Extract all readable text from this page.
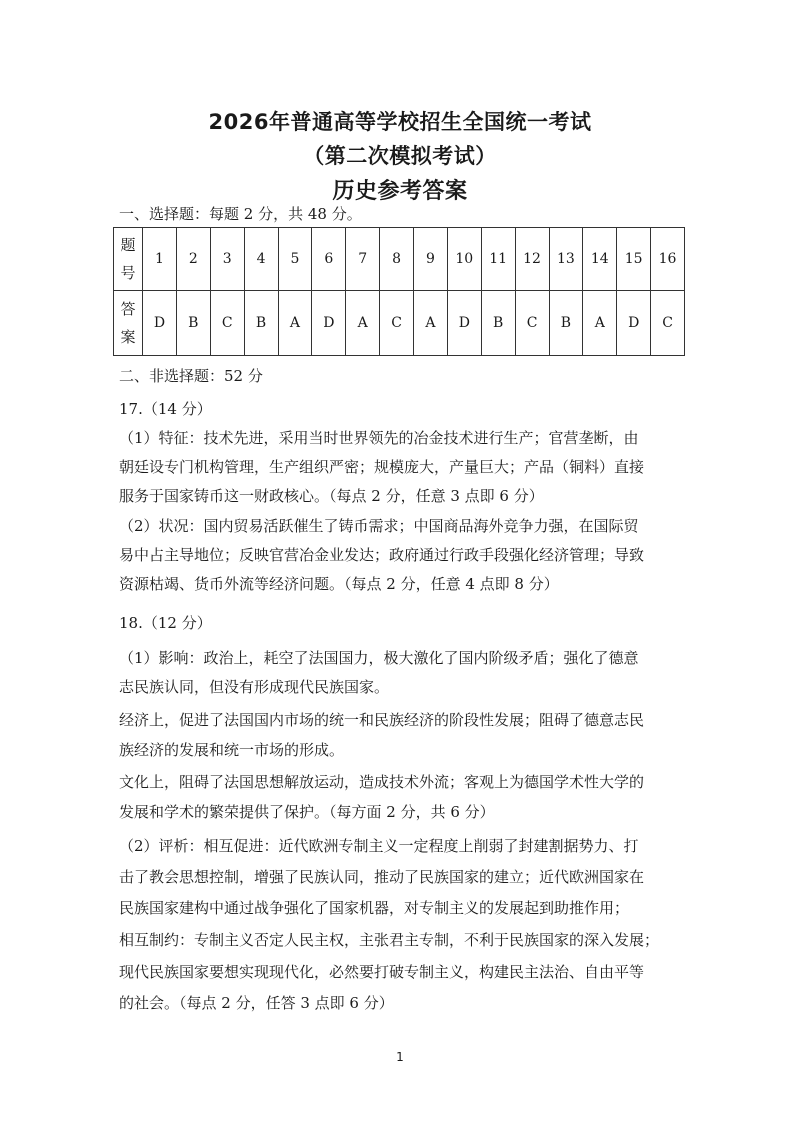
2026年普通高等学校招生全国统一考试
（第二次模拟考试）
历史参考答案
一、选择题：每题 2 分，共 48 分。
题号	1	2	3	4	5	6	7	8	9	10	11	12	13	14	15	16
答案	D	B	C	B	A	D	A	C	A	D	B	C	B	A	D	C
二、非选择题：52 分
17.（14 分）
（1）特征：技术先进，采用当时世界领先的冶金技术进行生产；官营垄断，由
朝廷设专门机构管理，生产组织严密；规模庞大，产量巨大；产品（铜料）直接
服务于国家铸币这一财政核心。（每点 2 分，任意 3 点即 6 分）
（2）状况：国内贸易活跃催生了铸币需求；中国商品海外竞争力强，在国际贸
易中占主导地位；反映官营冶金业发达；政府通过行政手段强化经济管理；导致
资源枯竭、货币外流等经济问题。（每点 2 分，任意 4 点即 8 分）
18.（12 分）
（1）影响：政治上，耗空了法国国力，极大激化了国内阶级矛盾；强化了德意
志民族认同，但没有形成现代民族国家。
经济上，促进了法国国内市场的统一和民族经济的阶段性发展；阻碍了德意志民
族经济的发展和统一市场的形成。
文化上，阻碍了法国思想解放运动，造成技术外流；客观上为德国学术性大学的
发展和学术的繁荣提供了保护。（每方面 2 分，共 6 分）
（2）评析：相互促进：近代欧洲专制主义一定程度上削弱了封建割据势力、打
击了教会思想控制，增强了民族认同，推动了民族国家的建立；近代欧洲国家在
民族国家建构中通过战争强化了国家机器，对专制主义的发展起到助推作用；
相互制约：专制主义否定人民主权，主张君主专制，不利于民族国家的深入发展；
现代民族国家要想实现现代化，必然要打破专制主义，构建民主法治、自由平等
的社会。（每点 2 分，任答 3 点即 6 分）
1
